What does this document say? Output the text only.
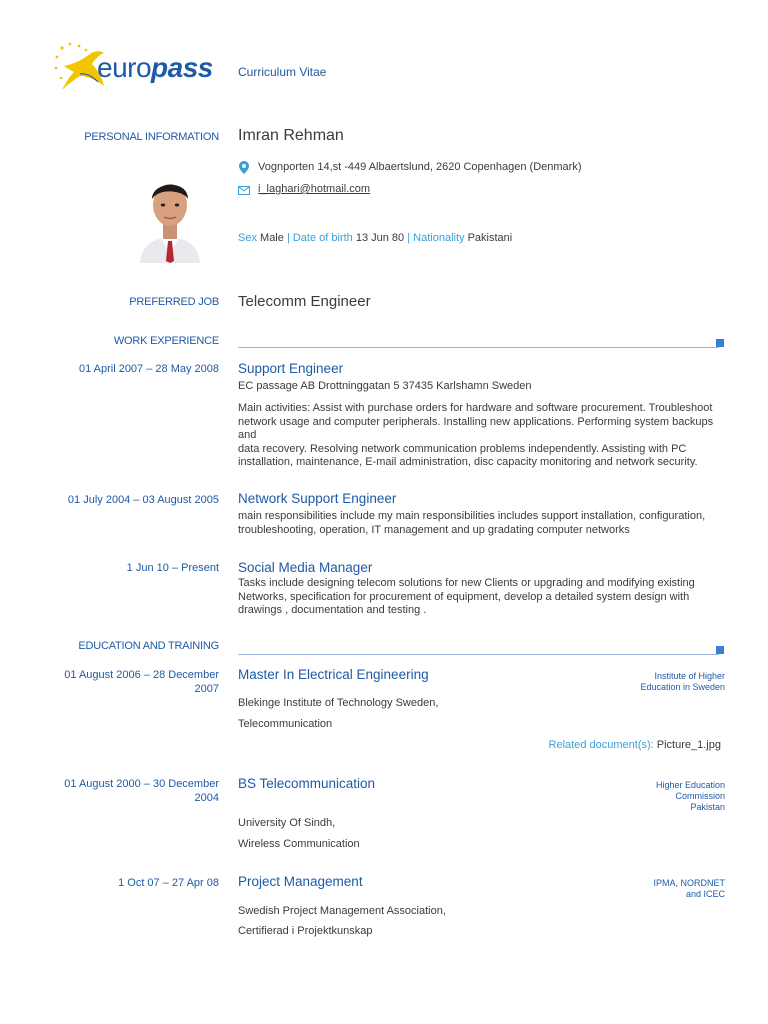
europass Curriculum Vitae
PERSONAL INFORMATION Imran Rehman
Vognporten 14,st -449 Albaertslund, 2620 Copenhagen (Denmark)
i_laghari@hotmail.com
Sex Male | Date of birth 13 Jun 80 | Nationality Pakistani
PREFERRED JOB Telecomm Engineer
WORK EXPERIENCE
01 April 2007 – 28 May 2008 Support Engineer
EC passage AB Drottninggatan 5 37435 Karlshamn Sweden
Main activities: Assist with purchase orders for hardware and software procurement. Troubleshoot
network usage and computer peripherals. Installing new applications. Performing system backups
and
data recovery. Resolving network communication problems independently. Assisting with PC
installation, maintenance, E-mail administration, disc capacity monitoring and network security.
01 July 2004 – 03 August 2005 Network Support Engineer
main responsibilities include my main responsibilities includes support installation, configuration,
troubleshooting, operation, IT management and up gradating computer networks
1 Jun 10 – Present Social Media Manager
Tasks include designing telecom solutions for new Clients or upgrading and modifying existing
Networks, specification for procurement of equipment, develop a detailed system design with
drawings , documentation and testing .
EDUCATION AND TRAINING
01 August 2006 – 28 December
2007
Master In Electrical Engineering	Institute of Higher
Education in Sweden
Blekinge Institute of Technology Sweden,
Telecommunication
Related document(s): Picture_1.jpg
01 August 2000 – 30 December
2004
BS Telecommunication	Higher Education
Commission
Pakistan
University Of Sindh,
Wireless Communication
1 Oct 07 – 27 Apr 08 Project Management	IPMA, NORDNET
and ICEC
Swedish Project Management Association,
Certifierad i Projektkunskap
